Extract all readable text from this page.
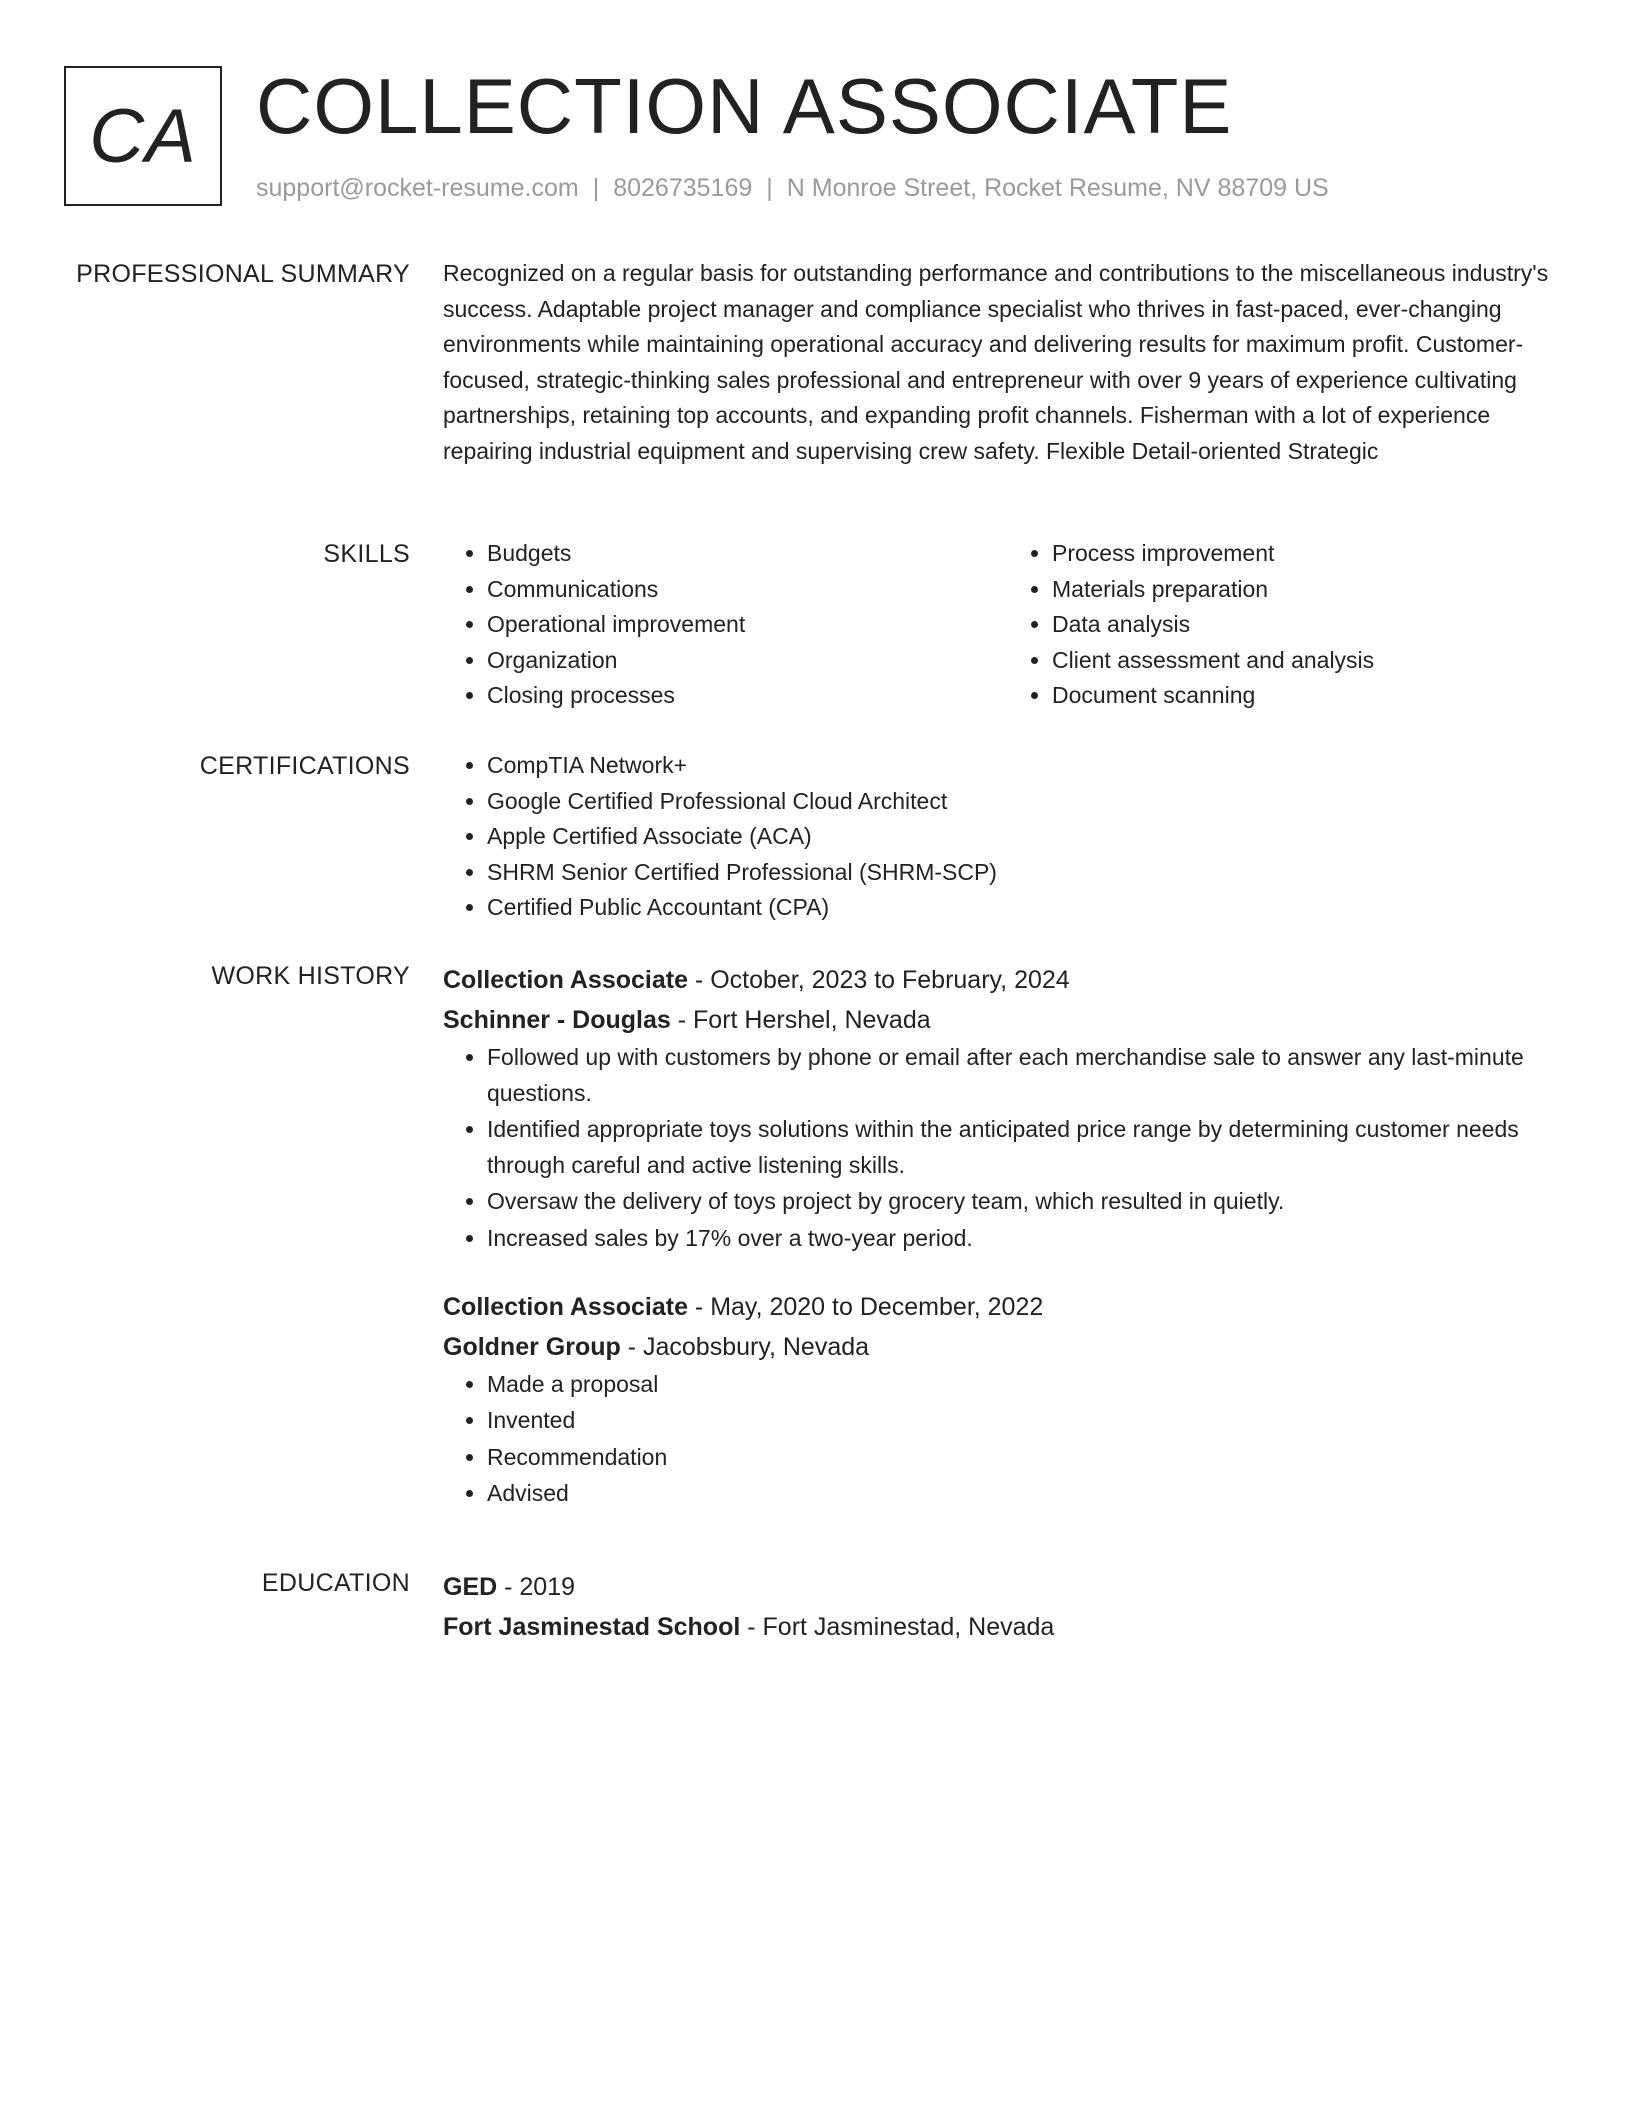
CA COLLECTION ASSOCIATE
support@rocket-resume.com | 8026735169 | N Monroe Street, Rocket Resume, NV 88709 US
PROFESSIONAL SUMMARY Recognized on a regular basis for outstanding performance and contributions to the miscellaneous industry's success. Adaptable project manager and compliance specialist who thrives in fast-paced, ever-changing environments while maintaining operational accuracy and delivering results for maximum profit. Customer-focused, strategic-thinking sales professional and entrepreneur with over 9 years of experience cultivating partnerships, retaining top accounts, and expanding profit channels. Fisherman with a lot of experience repairing industrial equipment and supervising crew safety. Flexible Detail-oriented Strategic
SKILLS	• Budgets
• Communications
• Operational improvement
• Organization
• Closing processes
• Process improvement
• Materials preparation
• Data analysis
• Client assessment and analysis
• Document scanning
CERTIFICATIONS	• CompTIA Network+
• Google Certified Professional Cloud Architect
• Apple Certified Associate (ACA)
• SHRM Senior Certified Professional (SHRM-SCP)
• Certified Public Accountant (CPA)
WORK HISTORY Collection Associate - October, 2023 to February, 2024
Schinner - Douglas - Fort Hershel, Nevada
• Followed up with customers by phone or email after each merchandise sale to answer any last-minute questions.
• Identified appropriate toys solutions within the anticipated price range by determining customer needs through careful and active listening skills.
• Oversaw the delivery of toys project by grocery team, which resulted in quietly.
• Increased sales by 17% over a two-year period.
Collection Associate - May, 2020 to December, 2022
Goldner Group - Jacobsbury, Nevada
• Made a proposal
• Invented
• Recommendation
• Advised
EDUCATION GED - 2019
Fort Jasminestad School - Fort Jasminestad, Nevada
